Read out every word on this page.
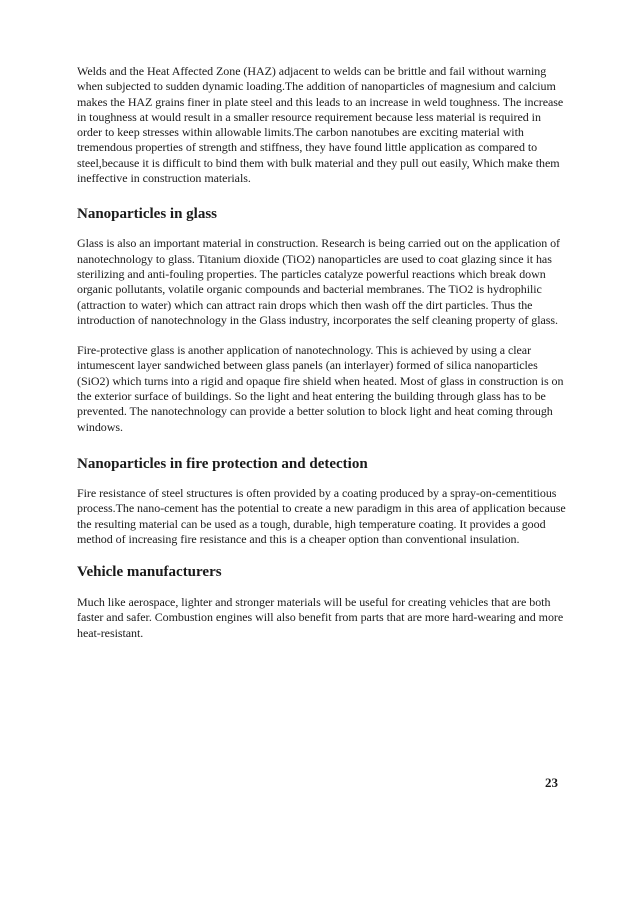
Welds and the Heat Affected Zone (HAZ) adjacent to welds can be brittle and fail without warning when subjected to sudden dynamic loading.The addition of nanoparticles of magnesium and calcium makes the HAZ grains finer in plate steel and this leads to an increase in weld toughness. The increase in toughness at would result in a smaller resource requirement because less material is required in order to keep stresses within allowable limits.The carbon nanotubes are exciting material with tremendous properties of strength and stiffness, they have found little application as compared to steel,because it is difficult to bind them with bulk material and they pull out easily, Which make them ineffective in construction materials.

Nanoparticles in glass

Glass is also an important material in construction. Research is being carried out on the application of nanotechnology to glass. Titanium dioxide (TiO2) nanoparticles are used to coat glazing since it has sterilizing and anti-fouling properties. The particles catalyze powerful reactions which break down organic pollutants, volatile organic compounds and bacterial membranes. The TiO2 is hydrophilic (attraction to water) which can attract rain drops which then wash off the dirt particles. Thus the introduction of nanotechnology in the Glass industry, incorporates the self cleaning property of glass.

Fire-protective glass is another application of nanotechnology. This is achieved by using a clear intumescent layer sandwiched between glass panels (an interlayer) formed of silica nanoparticles (SiO2) which turns into a rigid and opaque fire shield when heated. Most of glass in construction is on the exterior surface of buildings. So the light and heat entering the building through glass has to be prevented. The nanotechnology can provide a better solution to block light and heat coming through windows.

Nanoparticles in fire protection and detection

Fire resistance of steel structures is often provided by a coating produced by a spray-on-cementitious process.The nano-cement has the potential to create a new paradigm in this area of application because the resulting material can be used as a tough, durable, high temperature coating. It provides a good method of increasing fire resistance and this is a cheaper option than conventional insulation.

Vehicle manufacturers

Much like aerospace, lighter and stronger materials will be useful for creating vehicles that are both faster and safer. Combustion engines will also benefit from parts that are more hard-wearing and more heat-resistant.

23
